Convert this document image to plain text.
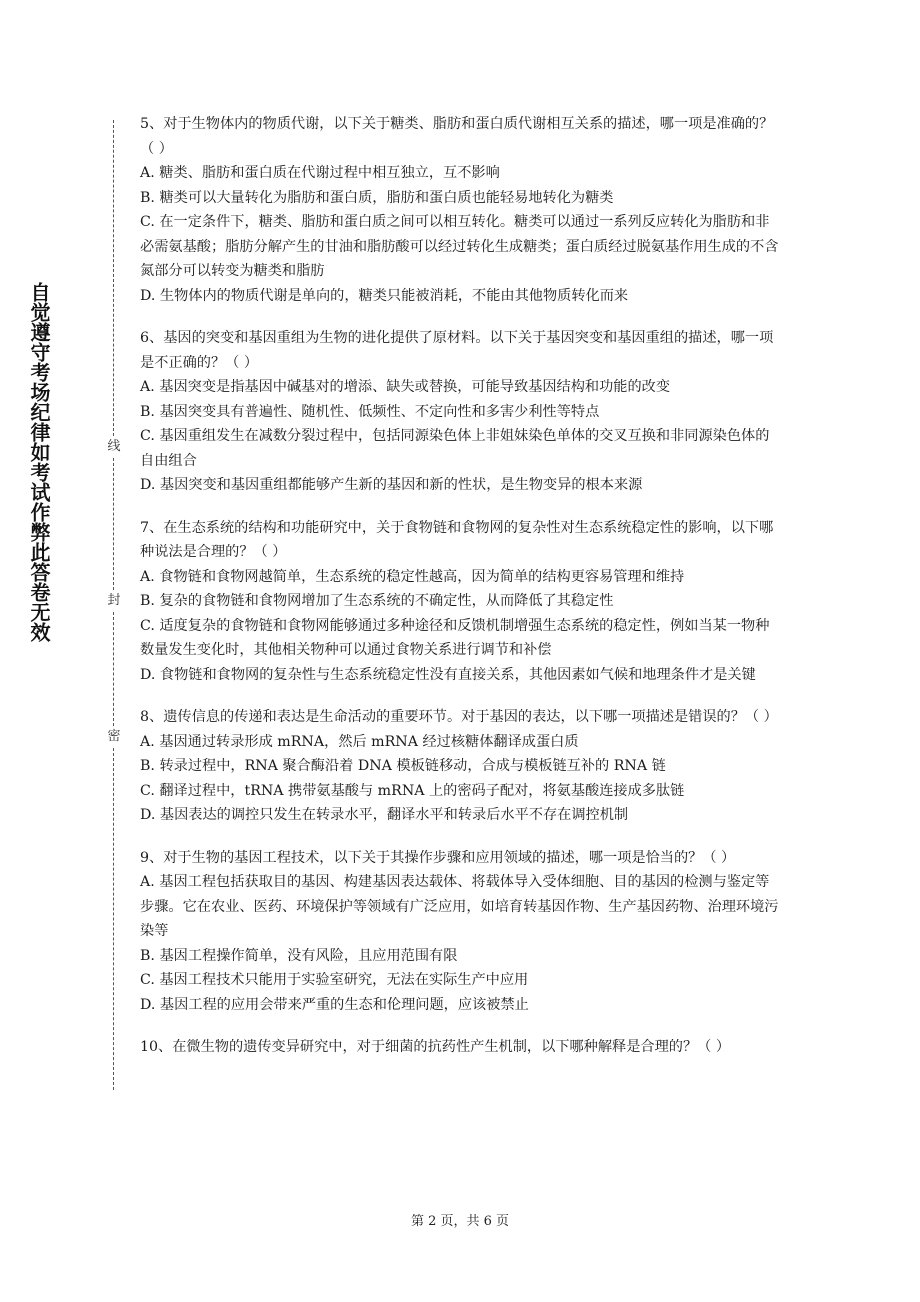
自觉遵守考场纪律如考试作弊此答卷无效	线
封
密

5、对于生物体内的物质代谢，以下关于糖类、脂肪和蛋白质代谢相互关系的描述，哪一项是准确的？（ ）

A. 糖类、脂肪和蛋白质在代谢过程中相互独立，互不影响

B. 糖类可以大量转化为脂肪和蛋白质，脂肪和蛋白质也能轻易地转化为糖类

C. 在一定条件下，糖类、脂肪和蛋白质之间可以相互转化。糖类可以通过一系列反应转化为脂肪和非必需氨基酸；脂肪分解产生的甘油和脂肪酸可以经过转化生成糖类；蛋白质经过脱氨基作用生成的不含氮部分可以转变为糖类和脂肪

D. 生物体内的物质代谢是单向的，糖类只能被消耗，不能由其他物质转化而来

6、基因的突变和基因重组为生物的进化提供了原材料。以下关于基因突变和基因重组的描述，哪一项是不正确的？（ ）

A. 基因突变是指基因中碱基对的增添、缺失或替换，可能导致基因结构和功能的改变

B. 基因突变具有普遍性、随机性、低频性、不定向性和多害少利性等特点

C. 基因重组发生在减数分裂过程中，包括同源染色体上非姐妹染色单体的交叉互换和非同源染色体的自由组合

D. 基因突变和基因重组都能够产生新的基因和新的性状，是生物变异的根本来源

7、在生态系统的结构和功能研究中，关于食物链和食物网的复杂性对生态系统稳定性的影响，以下哪种说法是合理的？（ ）

A. 食物链和食物网越简单，生态系统的稳定性越高，因为简单的结构更容易管理和维持

B. 复杂的食物链和食物网增加了生态系统的不确定性，从而降低了其稳定性

C. 适度复杂的食物链和食物网能够通过多种途径和反馈机制增强生态系统的稳定性，例如当某一物种数量发生变化时，其他相关物种可以通过食物关系进行调节和补偿

D. 食物链和食物网的复杂性与生态系统稳定性没有直接关系，其他因素如气候和地理条件才是关键

8、遗传信息的传递和表达是生命活动的重要环节。对于基因的表达，以下哪一项描述是错误的？（ ）

A. 基因通过转录形成 mRNA，然后 mRNA 经过核糖体翻译成蛋白质

B. 转录过程中，RNA 聚合酶沿着 DNA 模板链移动，合成与模板链互补的 RNA 链

C. 翻译过程中，tRNA 携带氨基酸与 mRNA 上的密码子配对，将氨基酸连接成多肽链

D. 基因表达的调控只发生在转录水平，翻译水平和转录后水平不存在调控机制

9、对于生物的基因工程技术，以下关于其操作步骤和应用领域的描述，哪一项是恰当的？（ ）

A. 基因工程包括获取目的基因、构建基因表达载体、将载体导入受体细胞、目的基因的检测与鉴定等步骤。它在农业、医药、环境保护等领域有广泛应用，如培育转基因作物、生产基因药物、治理环境污染等

B. 基因工程操作简单，没有风险，且应用范围有限

C. 基因工程技术只能用于实验室研究，无法在实际生产中应用

D. 基因工程的应用会带来严重的生态和伦理问题，应该被禁止

10、在微生物的遗传变异研究中，对于细菌的抗药性产生机制，以下哪种解释是合理的？（ ）

第 2 页，共 6 页
